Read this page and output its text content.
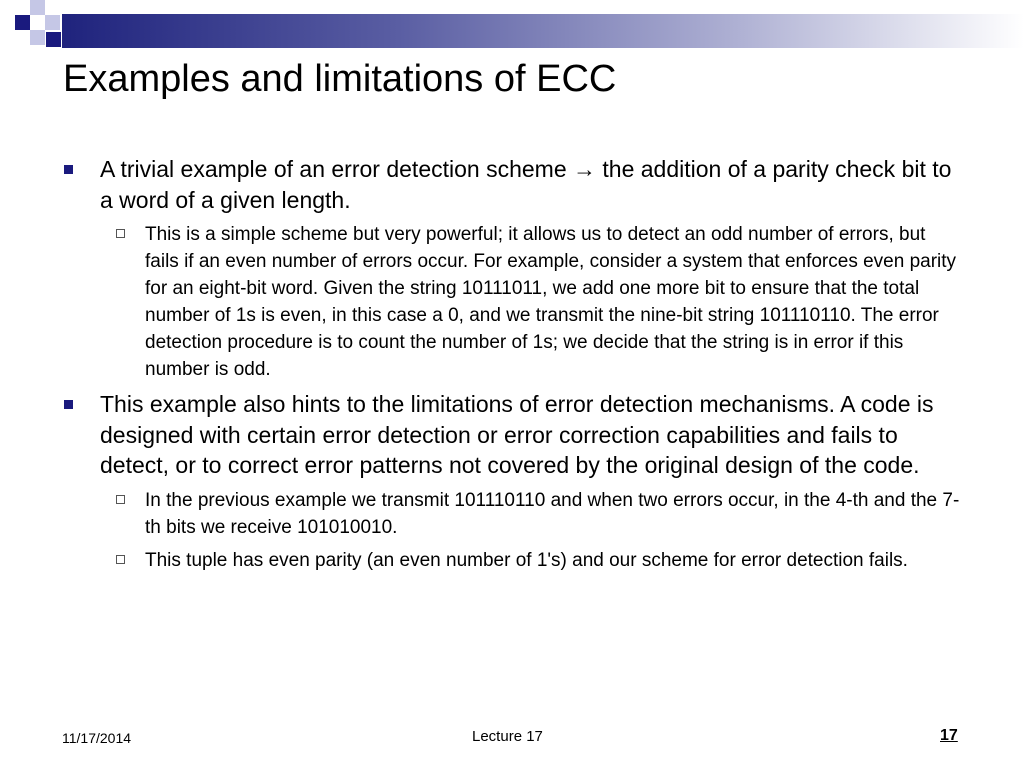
Examples and limitations of ECC
A trivial example of an error detection scheme → the addition of a parity check bit to a word of a given length.
This is a simple scheme but very powerful; it allows us to detect an odd number of errors, but fails if an even number of errors occur. For example, consider a system that enforces even parity for an eight-bit word. Given the string 10111011, we add one more bit to ensure that the total number of 1s is even, in this case a 0, and we transmit the nine-bit string 101110110. The error detection procedure is to count the number of 1s; we decide that the string is in error if this number is odd.
This example also hints to the limitations of error detection mechanisms. A code is designed with certain error detection or error correction capabilities and fails to detect, or to correct error patterns not covered by the original design of the code.
In the previous example we transmit 101110110 and when two errors occur, in the 4-th and the 7-th bits we receive 101010010.
This tuple has even parity (an even number of 1's) and our scheme for error detection fails.
11/17/2014	Lecture 17	17
